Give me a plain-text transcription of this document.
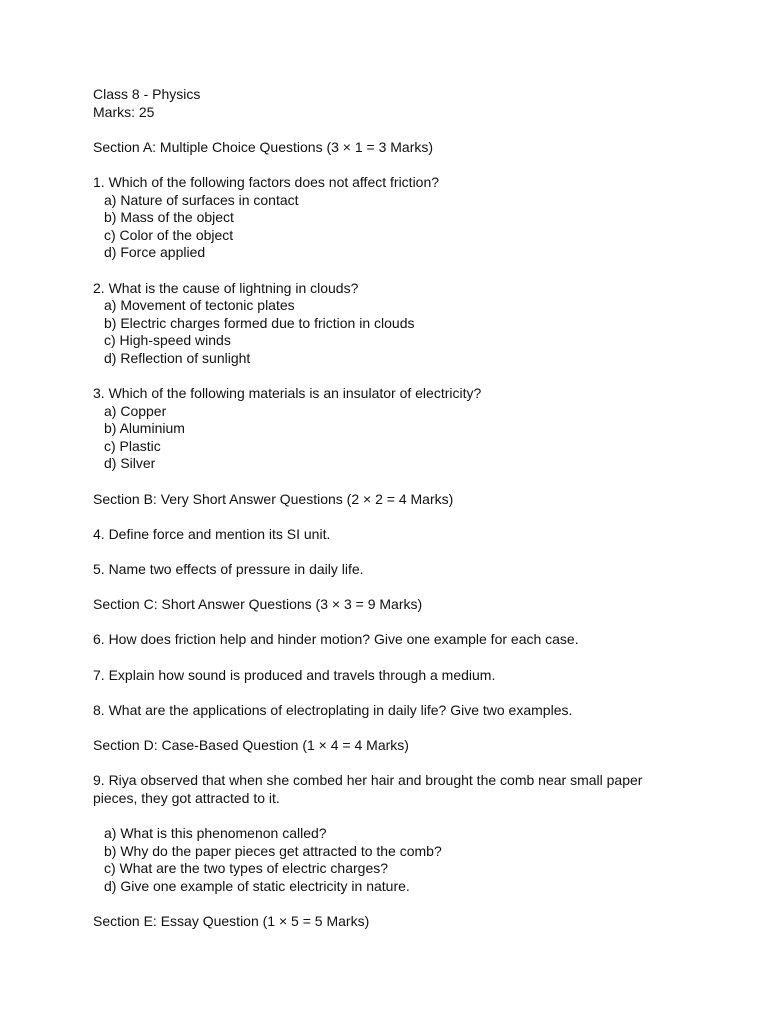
Class 8 - Physics
Marks: 25
Section A: Multiple Choice Questions (3 × 1 = 3 Marks)
1. Which of the following factors does not affect friction?
a) Nature of surfaces in contact
b) Mass of the object
c) Color of the object
d) Force applied
2. What is the cause of lightning in clouds?
a) Movement of tectonic plates
b) Electric charges formed due to friction in clouds
c) High-speed winds
d) Reflection of sunlight
3. Which of the following materials is an insulator of electricity?
a) Copper
b) Aluminium
c) Plastic
d) Silver
Section B: Very Short Answer Questions (2 × 2 = 4 Marks)
4. Define force and mention its SI unit.
5. Name two effects of pressure in daily life.
Section C: Short Answer Questions (3 × 3 = 9 Marks)
6. How does friction help and hinder motion? Give one example for each case.
7. Explain how sound is produced and travels through a medium.
8. What are the applications of electroplating in daily life? Give two examples.
Section D: Case-Based Question (1 × 4 = 4 Marks)
9. Riya observed that when she combed her hair and brought the comb near small paper pieces, they got attracted to it.
a) What is this phenomenon called?
b) Why do the paper pieces get attracted to the comb?
c) What are the two types of electric charges?
d) Give one example of static electricity in nature.
Section E: Essay Question (1 × 5 = 5 Marks)
